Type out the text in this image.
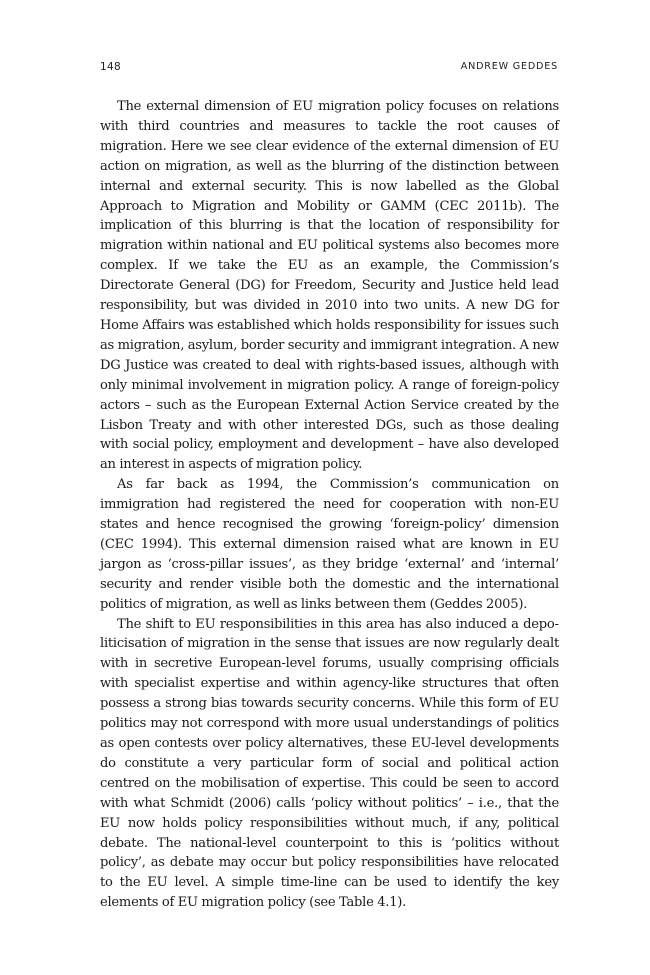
148	ANDREW GEDDES

The external dimension of EU migration policy focuses on relations with third countries and measures to tackle the root causes of migration. Here we see clear evidence of the external dimension of EU action on migration, as well as the blurring of the distinction between internal and external security. This is now labelled as the Global Approach to Migration and Mobility or GAMM (CEC 2011b). The implication of this blurring is that the location of responsibility for migration within national and EU political systems also becomes more complex. If we take the EU as an example, the Commission’s Directorate General (DG) for Freedom, Security and Justice held lead responsibility, but was divided in 2010 into two units. A new DG for Home Affairs was established which holds responsibility for issues such as migration, asylum, border security and immigrant integration. A new DG Justice was created to deal with rights-based issues, although with only minimal involvement in migration policy. A range of foreign-policy actors – such as the European External Action Service created by the Lisbon Treaty and with other interested DGs, such as those dealing with social policy, employment and development – have also developed an interest in aspects of migration policy.

As far back as 1994, the Commission’s communication on immigration had registered the need for cooperation with non-EU states and hence recognised the growing ‘foreign-policy’ dimension (CEC 1994). This external dimension raised what are known in EU jargon as ‘cross-pillar issues’, as they bridge ‘external’ and ‘internal’ security and render visible both the domestic and the international politics of migration, as well as links between them (Geddes 2005).

The shift to EU responsibilities in this area has also induced a depoliticisation of migration in the sense that issues are now regularly dealt with in secretive European-level forums, usually comprising officials with specialist expertise and within agency-like structures that often possess a strong bias towards security concerns. While this form of EU politics may not correspond with more usual understandings of politics as open contests over policy alternatives, these EU-level developments do constitute a very particular form of social and political action centred on the mobilisation of expertise. This could be seen to accord with what Schmidt (2006) calls ‘policy without politics’ – i.e., that the EU now holds policy responsibilities without much, if any, political debate. The national-level counterpoint to this is ‘politics without policy’, as debate may occur but policy responsibilities have relocated to the EU level. A simple time-line can be used to identify the key elements of EU migration policy (see Table 4.1).
